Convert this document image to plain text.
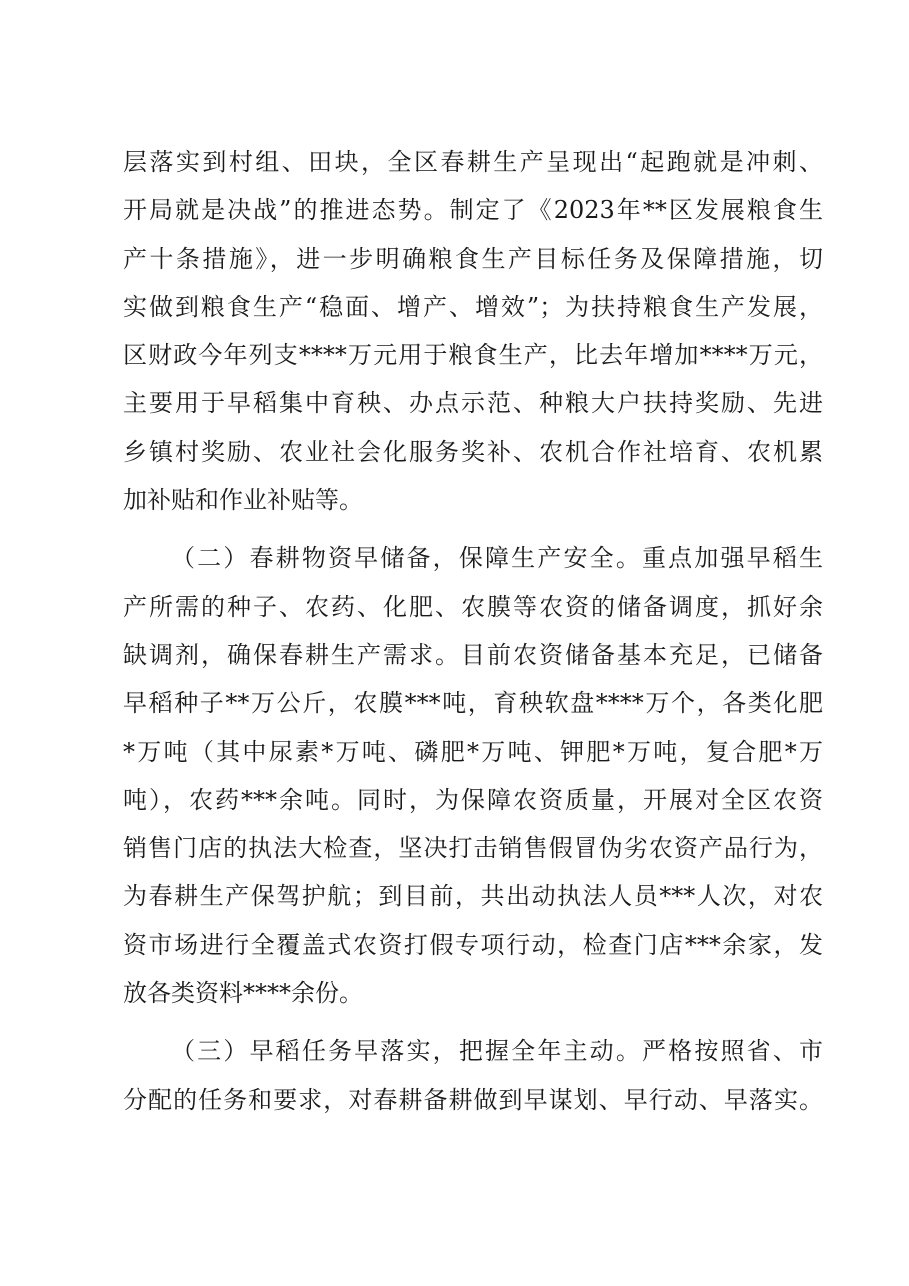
层落实到村组、田块，全区春耕生产呈现出“起跑就是冲刺、
开局就是决战”的推进态势。制定了《2023年**区发展粮食生
产十条措施》，进一步明确粮食生产目标任务及保障措施，切
实做到粮食生产“稳面、增产、增效”；为扶持粮食生产发展，
区财政今年列支****万元用于粮食生产，比去年增加****万元，
主要用于早稻集中育秧、办点示范、种粮大户扶持奖励、先进
乡镇村奖励、农业社会化服务奖补、农机合作社培育、农机累
加补贴和作业补贴等。
（二）春耕物资早储备，保障生产安全。重点加强早稻生
产所需的种子、农药、化肥、农膜等农资的储备调度，抓好余
缺调剂，确保春耕生产需求。目前农资储备基本充足，已储备
早稻种子**万公斤，农膜***吨，育秧软盘****万个，各类化肥
*万吨（其中尿素*万吨、磷肥*万吨、钾肥*万吨，复合肥*万
吨），农药***余吨。同时，为保障农资质量，开展对全区农资
销售门店的执法大检查，坚决打击销售假冒伪劣农资产品行为，
为春耕生产保驾护航；到目前，共出动执法人员***人次，对农
资市场进行全覆盖式农资打假专项行动，检查门店***余家，发
放各类资料****余份。
（三）早稻任务早落实，把握全年主动。严格按照省、市
分配的任务和要求，对春耕备耕做到早谋划、早行动、早落实。
